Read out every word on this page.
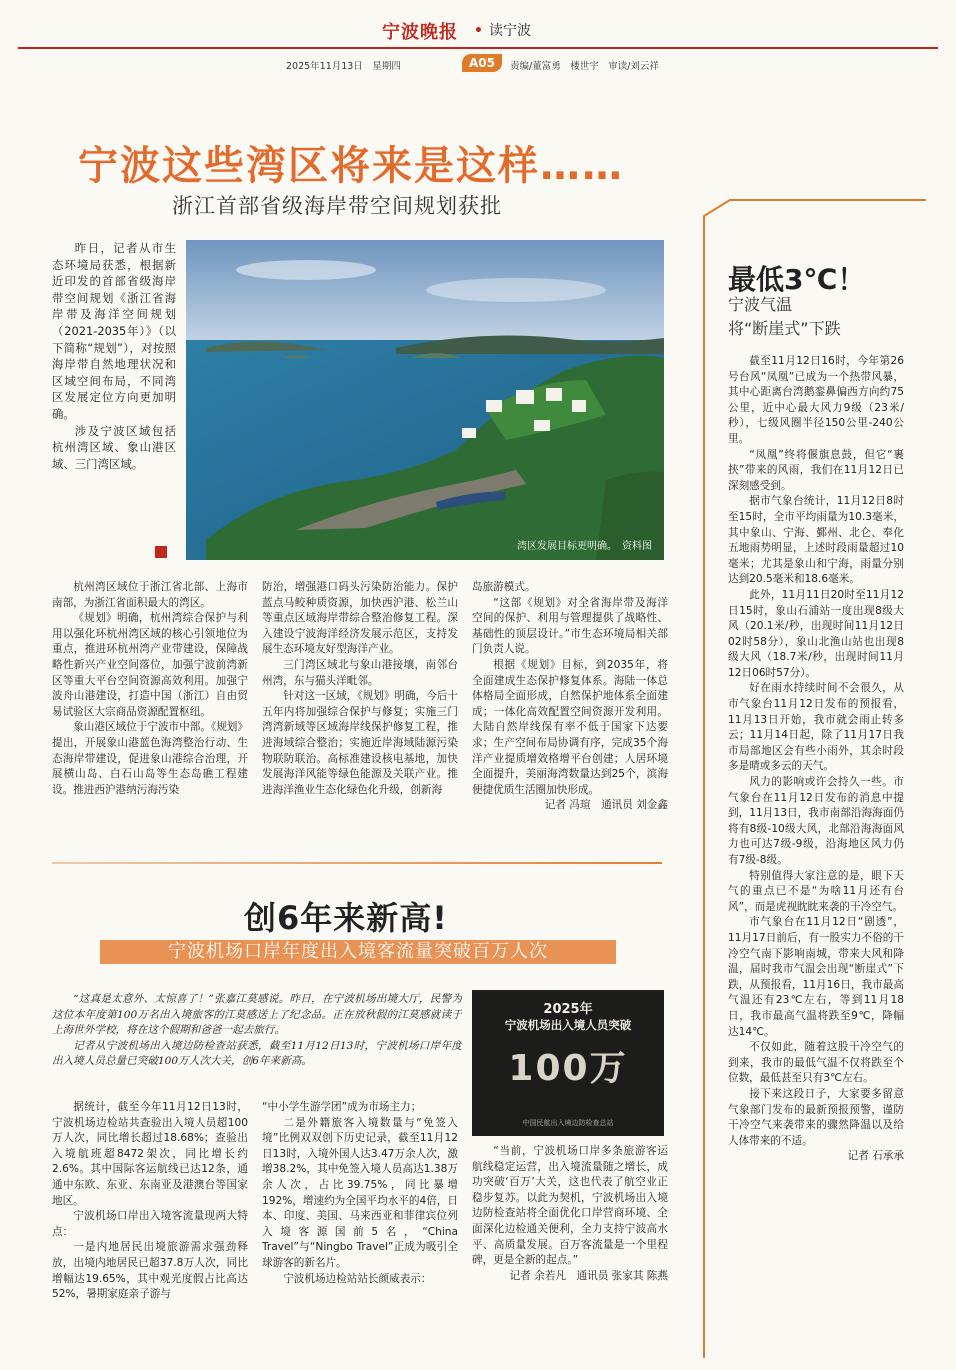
宁波晚报 • 读宁波
2025年11月13日　星期四	A05	责编/董富勇　楼世宇　审读/刘云祥
宁波这些湾区将来是这样……
浙江首部省级海岸带空间规划获批

昨日，记者从市生态环境局获悉，根据新近印发的首部省级海岸带空间规划《浙江省海岸带及海洋空间规划（2021-2035年）》（以下简称“规划”），对按照海岸带自然地理状况和区域空间布局，不同湾区发展定位方向更加明确。

涉及宁波区域包括杭州湾区域、象山港区域、三门湾区域。

湾区发展目标更明确。　资料图

杭州湾区域位于浙江省北部、上海市南部，为浙江省面积最大的湾区。

《规划》明确，杭州湾综合保护与利用以强化环杭州湾区域的核心引领地位为重点，推进环杭州湾产业带建设，保障战略性新兴产业空间落位，加强宁波前湾新区等重大平台空间资源高效利用。加强宁波舟山港建设，打造中国（浙江）自由贸易试验区大宗商品资源配置枢纽。

象山港区域位于宁波市中部。《规划》提出，开展象山港蓝色海湾整治行动、生态海岸带建设，促进象山港综合治理，开展横山岛、白石山岛等生态岛礁工程建设。推进西沪港纳污海汚染

防治，增强港口码头污染防治能力。保护蓝点马鲛种质资源，加快西沪港、松兰山等重点区域海岸带综合整治修复工程。深入建设宁波海洋经济发展示范区，支持发展生态环境友好型海洋产业。

三门湾区域北与象山港接壤，南邻台州湾，东与猫头洋毗邻。

针对这一区域，《规划》明确，今后十五年内将加强综合保护与修复；实施三门湾湾新域等区域海岸线保护修复工程，推进海域综合整治；实施近岸海域陆源污染物联防联治。高标准建设核电基地，加快发展海洋风能等绿色能源及关联产业。推进海洋渔业生态化绿色化升级，创新海

岛旅游模式。

“这部《规划》对全省海岸带及海洋空间的保护、利用与管理提供了战略性、基础性的顶层设计。”市生态环境局相关部门负责人说。

根据《规划》目标，到2035年，将全面建成生态保护修复体系。海陆一体总体格局全面形成，自然保护地体系全面建成；一体化高效配置空间资源开发利用。大陆自然岸线保有率不低于国家下达要求；生产空间布局协调有序，完成35个海洋产业提质增效格增平台创建；人居环境全面提升，美丽海湾数量达到25个，滨海便捷优质生活圈加快形成。

记者 冯瑄　通讯员 刘金鑫

创6年来新高!
宁波机场口岸年度出入境客流量突破百万人次

“这真是太意外、太惊喜了！”张嘉江莫感说。昨日，在宁波机场出境大厅，民警为这位本年度第100万名出入境旅客的江莫感送上了纪念品。正在放秋假的江莫感就读于上海世外学校，将在这个假期和爸爸一起去旅行。

记者从宁波机场出入境边防检查站获悉，截至11月12日13时，宁波机场口岸年度出入境人员总量已突破100万人次大关，创6年来新高。

2025年
宁波机场出入境人员突破
100万
中国民航出入境边防检查总站

据统计，截至今年11月12日13时，宁波机场边检站共查验出入境人员超100万人次，同比增长超过18.68%；查验出入境航班超8472架次，同比增长约2.6%。其中国际客运航线已达12条，通通中东欧、东亚、东南亚及港澳台等国家地区。

宁波机场口岸出入境客流量现两大特点：

一是内地居民出境旅游需求强劲释放，出境内地居民已超37.8万人次，同比增幅达19.65%，其中观光度假占比高达52%，暑期家庭亲子游与

“中小学生游学团”成为市场主力；

二是外籍旅客入境数量与“免签入境”比例双双创下历史记录，截至11月12日13时，入境外国人达3.47万余人次，激增38.2%，其中免签入境人员高达1.38万余人次，占比39.75%，同比暴增192%，增速约为全国平均水平的4倍，日本、印度、美国、马来西亚和菲律宾位列入境客源国前5名，“China Travel”与“Ningbo Travel”正成为吸引全球游客的新名片。

宁波机场边检站站长颜威表示：

“当前，宁波机场口岸多条旅游客运航线稳定运营，出入境流量随之增长，成功突破‘百万’大关，这也代表了航空业正稳步复苏。以此为契机，宁波机场出入境边防检查站将全面优化口岸营商环境、全面深化边检通关便利，全力支持宁波高水平、高质量发展。百万客流量是一个里程碑，更是全新的起点。”

记者 余若凡　通讯员 张家其 陈燕

最低3℃！
宁波气温
将“断崖式”下跌

截至11月12日16时，今年第26号台风“凤凰”已成为一个热带风暴，其中心距离台湾鹅銮鼻偏西方向约75公里，近中心最大风力9级（23米/秒），七级风圈半径150公里-240公里。

“凤凰”终将偃旗息鼓，但它“裹挟”带来的风雨，我们在11月12日已深刻感受到。

据市气象台统计，11月12日8时至15时，全市平均雨量为10.3毫米，其中象山、宁海、鄞州、北仑、奉化五地雨势明显，上述时段雨量超过10毫米；尤其是象山和宁海，雨量分别达到20.5毫米和18.6毫米。

此外，11月11日20时至11月12日15时，象山石浦站一度出现8级大风（20.1米/秒，出现时间11月12日02时58分），象山北渔山站也出现8级大风（18.7米/秒，出现时间11月12日06时57分）。

好在雨水持续时间不会很久，从市气象台11月12日发布的预报看，11月13日开始，我市就会雨止转多云；11月14日起，除了11月17日我市局部地区会有些小雨外，其余时段多是晴或多云的天气。

风力的影响或许会持久一些。市气象台在11月12日发布的消息中提到，11月13日，我市南部沿海海面仍将有8级-10级大风，北部沿海海面风力也可达7级-9级，沿海地区风力仍有7级-8级。

特别值得大家注意的是，眼下天气的重点已不是“为啥11月还有台风”，而是虎视眈眈来袭的干冷空气。

市气象台在11月12日“剧透”，11月17日前后，有一股实力不俗的干冷空气南下影响南城，带来大风和降温，届时我市气温会出现“断崖式”下跌，从预报看，11月16日，我市最高气温还有23℃左右，等到11月18日，我市最高气温将跌至9℃，降幅达14℃。

不仅如此，随着这股干冷空气的到来，我市的最低气温不仅将跌至个位数，最低甚至只有3℃左右。

接下来这段日子，大家要多留意气象部门发布的最新预报预警，谨防干冷空气来袭带来的骤然降温以及给人体带来的不适。

记者 石承承
